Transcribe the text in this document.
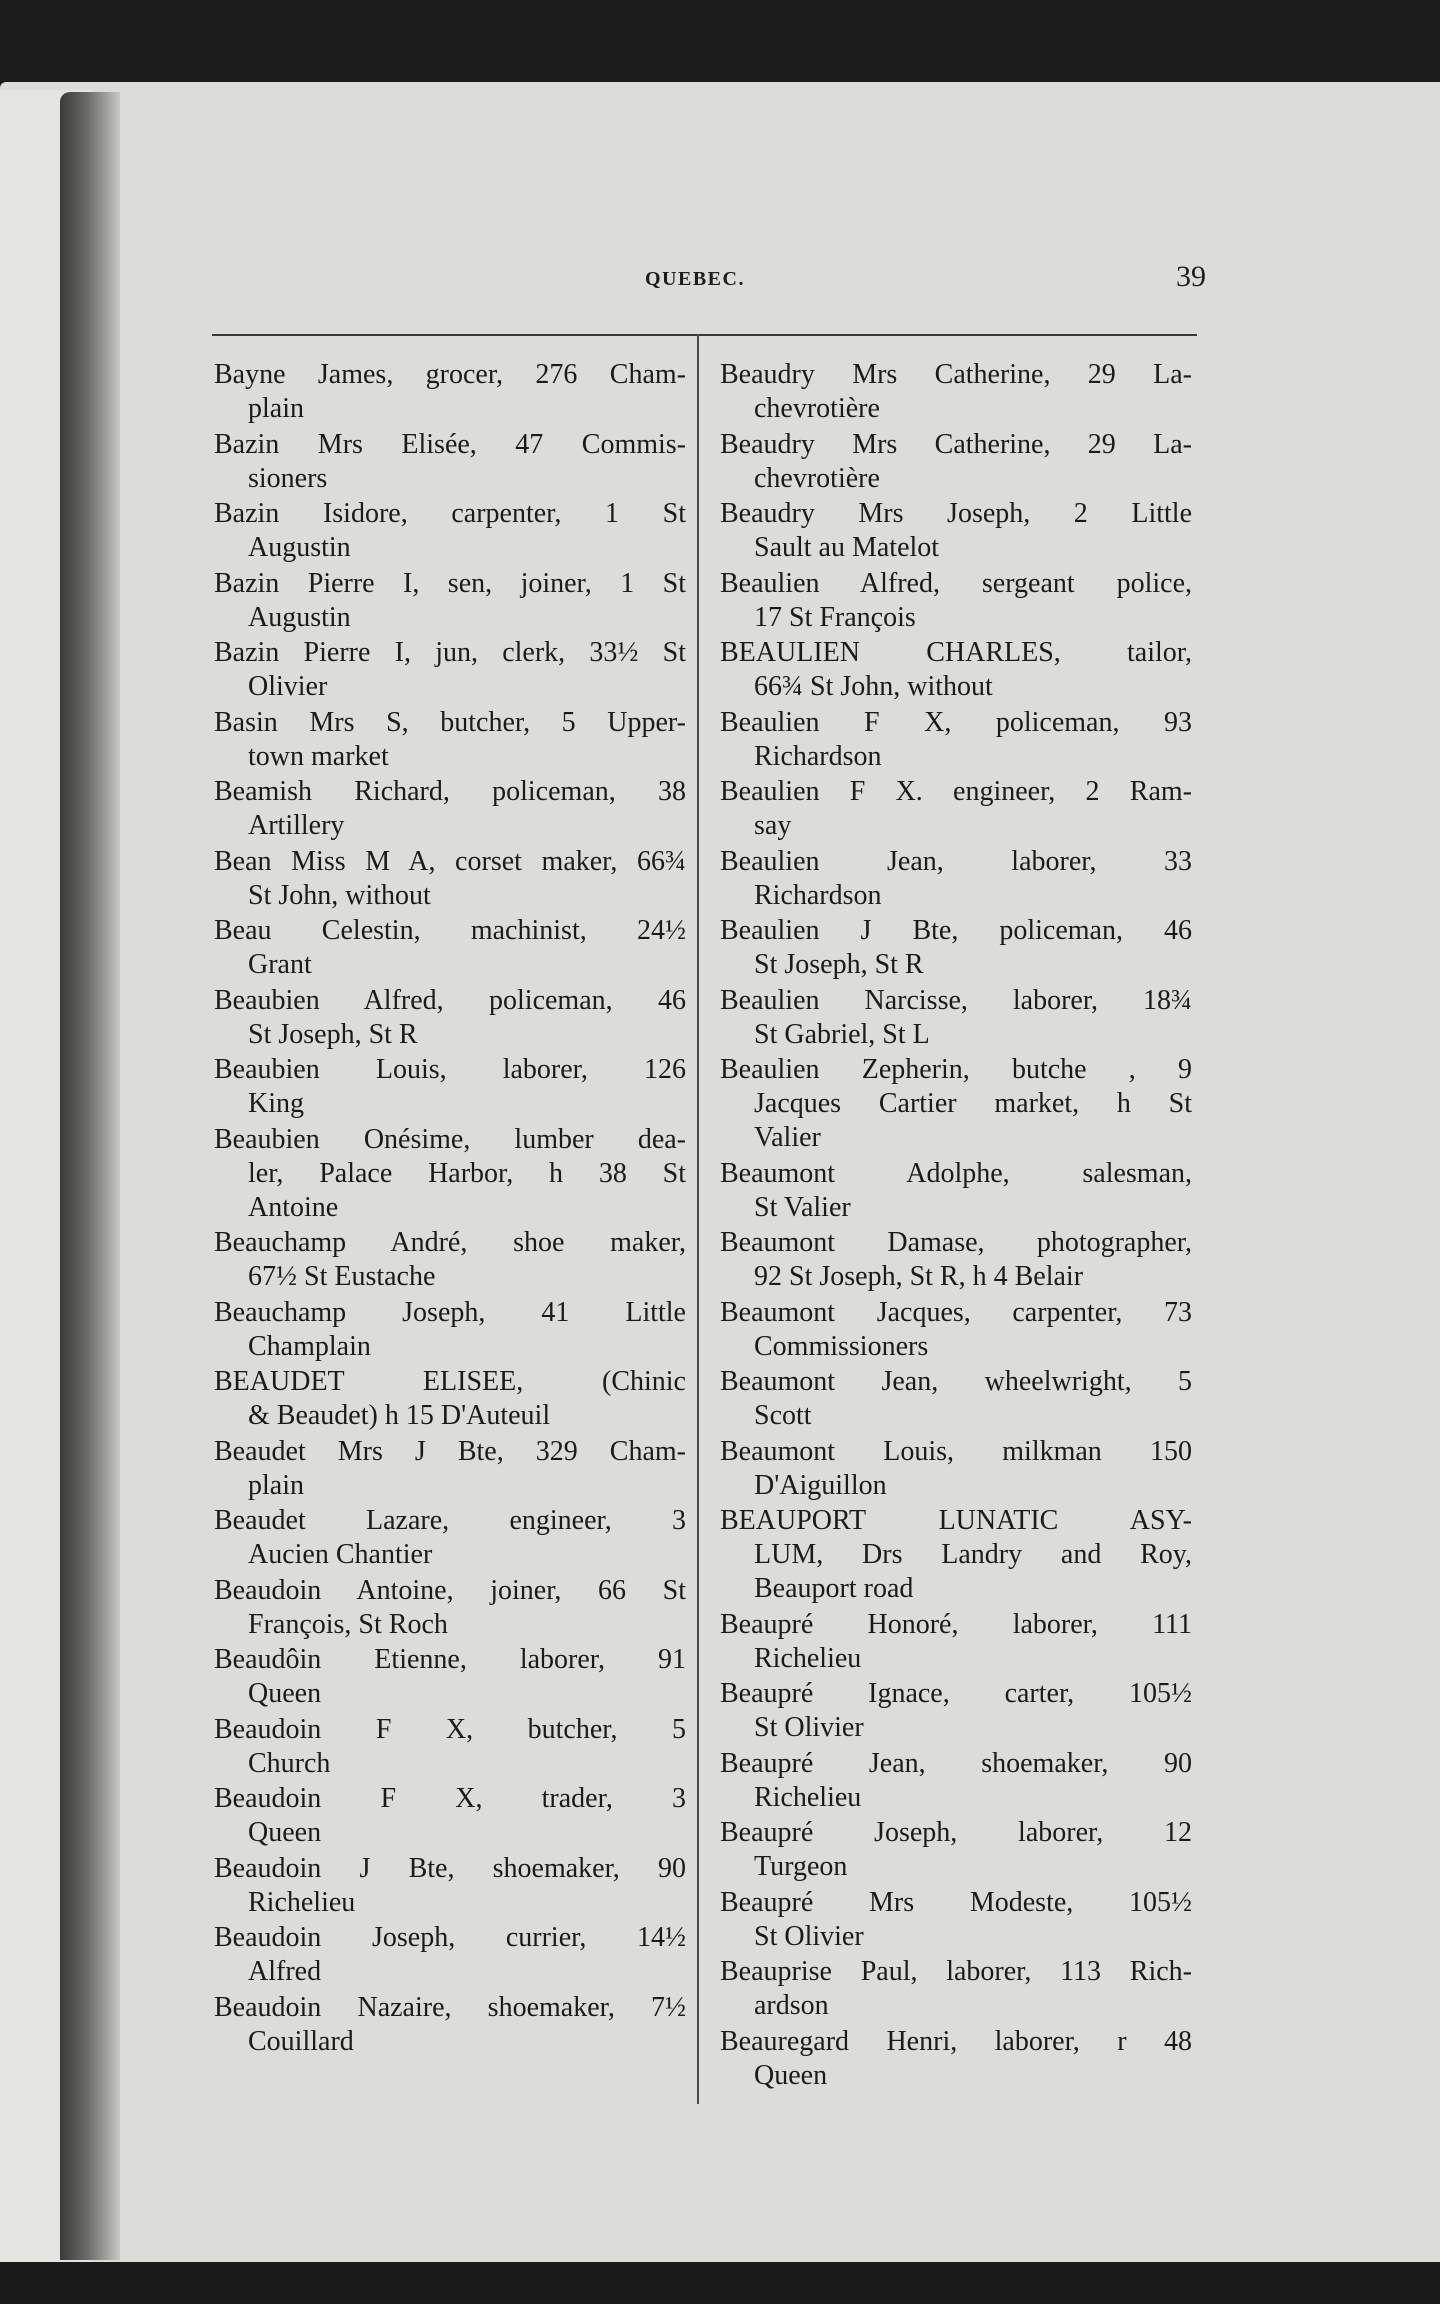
QUEBEC.	39
Bayne James, grocer, 276 Cham-
plain
Bazin Mrs Elisée, 47 Commis-
sioners
Bazin Isidore, carpenter, 1 St
Augustin
Bazin Pierre I, sen, joiner, 1 St
Augustin
Bazin Pierre I, jun, clerk, 33½ St
Olivier
Basin Mrs S, butcher, 5 Upper-
town market
Beamish Richard, policeman, 38
Artillery
Bean Miss M A, corset maker, 66¾
St John, without
Beau Celestin, machinist, 24½
Grant
Beaubien Alfred, policeman, 46
St Joseph, St R
Beaubien Louis, laborer, 126
King
Beaubien Onésime, lumber dea-
ler, Palace Harbor, h 38 St
Antoine
Beauchamp André, shoe maker,
67½ St Eustache
Beauchamp Joseph, 41 Little
Champlain
BEAUDET ELISEE, (Chinic
& Beaudet) h 15 D'Auteuil
Beaudet Mrs J Bte, 329 Cham-
plain
Beaudet Lazare, engineer, 3
Aucien Chantier
Beaudoin Antoine, joiner, 66 St
François, St Roch
Beaudôin Etienne, laborer, 91
Queen
Beaudoin F X, butcher, 5
Church
Beaudoin F X, trader, 3
Queen
Beaudoin J Bte, shoemaker, 90
Richelieu
Beaudoin Joseph, currier, 14½
Alfred
Beaudoin Nazaire, shoemaker, 7½
Couillard
Beaudry Mrs Catherine, 29 La-
chevrotière
Beaudry Mrs Catherine, 29 La-
chevrotière
Beaudry Mrs Joseph, 2 Little
Sault au Matelot
Beaulien Alfred, sergeant police,
17 St François
BEAULIEN CHARLES, tailor,
66¾ St John, without
Beaulien F X, policeman, 93
Richardson
Beaulien F X. engineer, 2 Ram-
say
Beaulien Jean, laborer, 33
Richardson
Beaulien J Bte, policeman, 46
St Joseph, St R
Beaulien Narcisse, laborer, 18¾
St Gabriel, St L
Beaulien Zepherin, butche , 9
Jacques Cartier market, h St
Valier
Beaumont Adolphe, salesman,
St Valier
Beaumont Damase, photographer,
92 St Joseph, St R, h 4 Belair
Beaumont Jacques, carpenter, 73
Commissioners
Beaumont Jean, wheelwright, 5
Scott
Beaumont Louis, milkman 150
D'Aiguillon
BEAUPORT LUNATIC ASY-
LUM, Drs Landry and Roy,
Beauport road
Beaupré Honoré, laborer, 111
Richelieu
Beaupré Ignace, carter, 105½
St Olivier
Beaupré Jean, shoemaker, 90
Richelieu
Beaupré Joseph, laborer, 12
Turgeon
Beaupré Mrs Modeste, 105½
St Olivier
Beauprise Paul, laborer, 113 Rich-
ardson
Beauregard Henri, laborer, r 48
Queen
